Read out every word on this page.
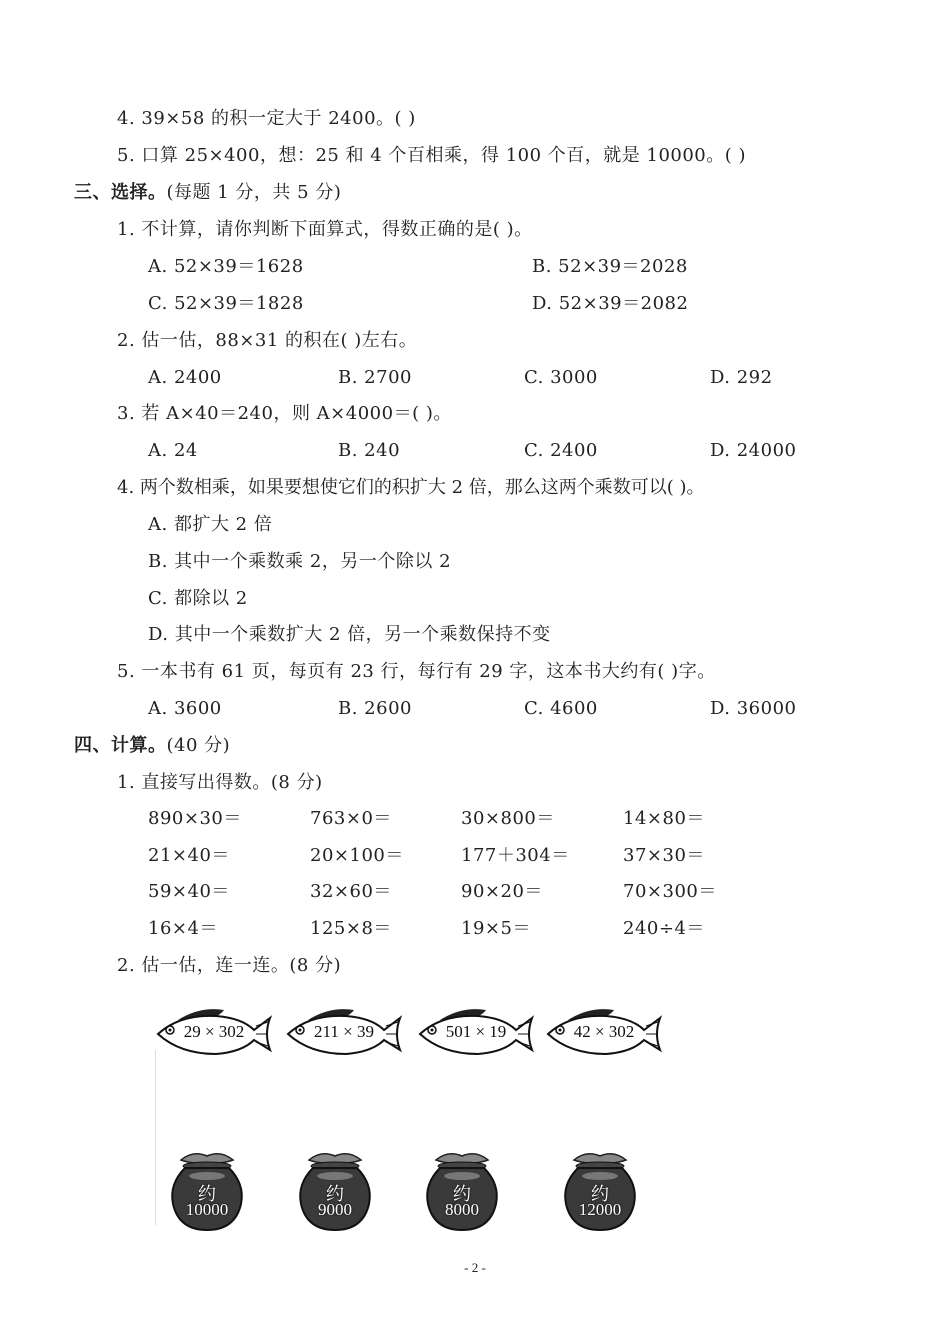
4. 39×58 的积一定大于 2400。( )
5. 口算 25×400，想：25 和 4 个百相乘，得 100 个百，就是 10000。( )
三、选择。(每题 1 分，共 5 分)
1. 不计算，请你判断下面算式，得数正确的是( )。
A. 52×39＝1628	B. 52×39＝2028
C. 52×39＝1828	D. 52×39＝2082
2. 估一估，88×31 的积在( )左右。
A. 2400	B. 2700	C. 3000	D. 292
3. 若 A×40＝240，则 A×4000＝( )。
A. 24	B. 240	C. 2400	D. 24000
4. 两个数相乘，如果要想使它们的积扩大 2 倍，那么这两个乘数可以( )。
A. 都扩大 2 倍
B. 其中一个乘数乘 2，另一个除以 2
C. 都除以 2
D. 其中一个乘数扩大 2 倍，另一个乘数保持不变
5. 一本书有 61 页，每页有 23 行，每行有 29 字，这本书大约有( )字。
A. 3600	B. 2600	C. 4600	D. 36000
四、计算。(40 分)
1. 直接写出得数。(8 分)
890×30＝	763×0＝	30×800＝	14×80＝
21×40＝	20×100＝	177＋304＝	37×30＝
59×40＝	32×60＝	90×20＝	70×300＝
16×4＝	125×8＝	19×5＝	240÷4＝
2. 估一估，连一连。(8 分)
29 × 302	211 × 39	501 × 19	42 × 302
约
10000
约
9000
约
8000
约
12000
- 2 -
